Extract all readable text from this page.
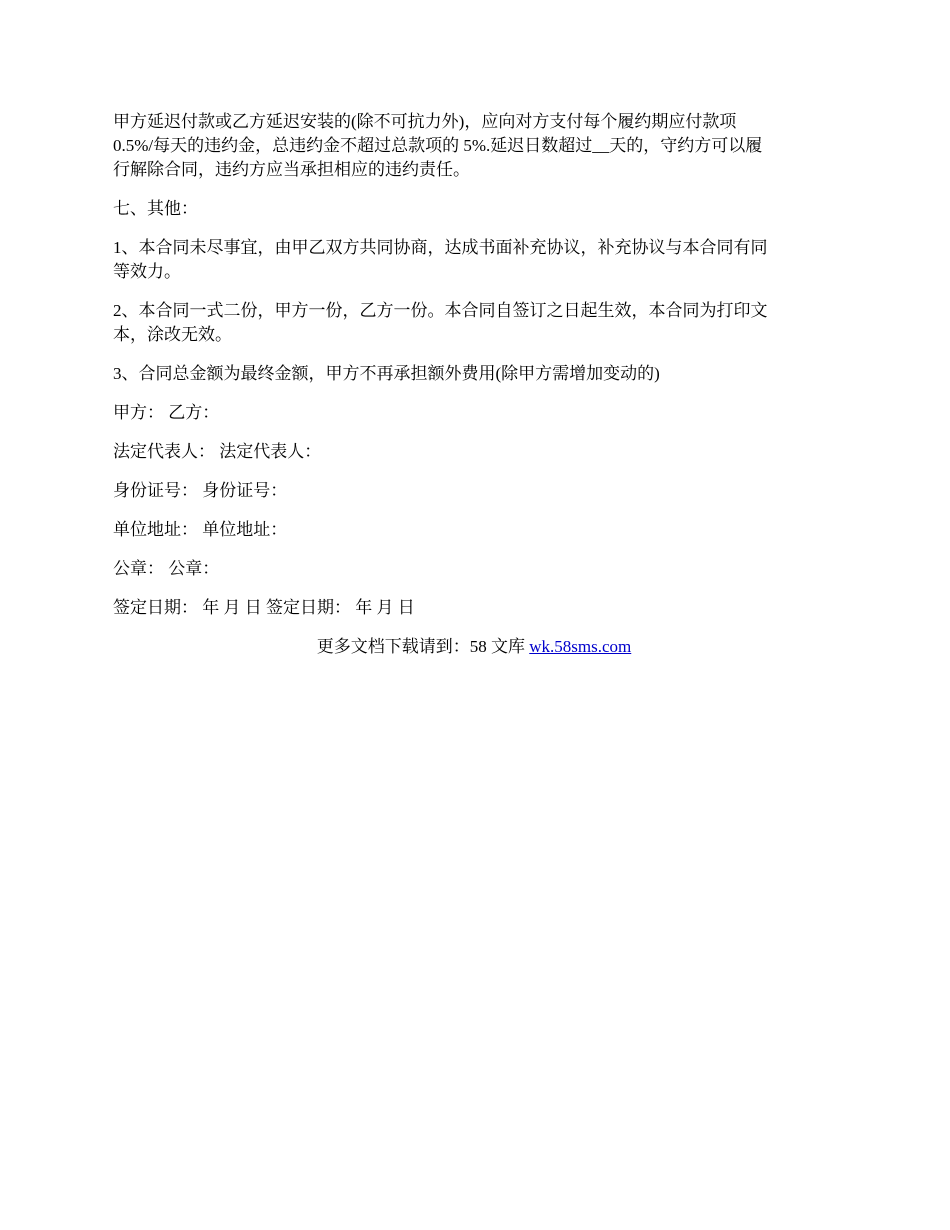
甲方延迟付款或乙方延迟安装的(除不可抗力外)，应向对方支付每个履约期应付款项
0.5%/每天的违约金，总违约金不超过总款项的 5%.延迟日数超过__天的，守约方可以履
行解除合同，违约方应当承担相应的违约责任。

七、其他：

1、本合同未尽事宜，由甲乙双方共同协商，达成书面补充协议，补充协议与本合同有同
等效力。

2、本合同一式二份，甲方一份，乙方一份。本合同自签订之日起生效，本合同为打印文
本，涂改无效。

3、合同总金额为最终金额，甲方不再承担额外费用(除甲方需增加变动的)

甲方： 乙方：

法定代表人： 法定代表人：

身份证号： 身份证号：

单位地址： 单位地址：

公章： 公章：

签定日期： 年 月 日 签定日期： 年 月 日

更多文档下载请到：58 文库 wk.58sms.com
